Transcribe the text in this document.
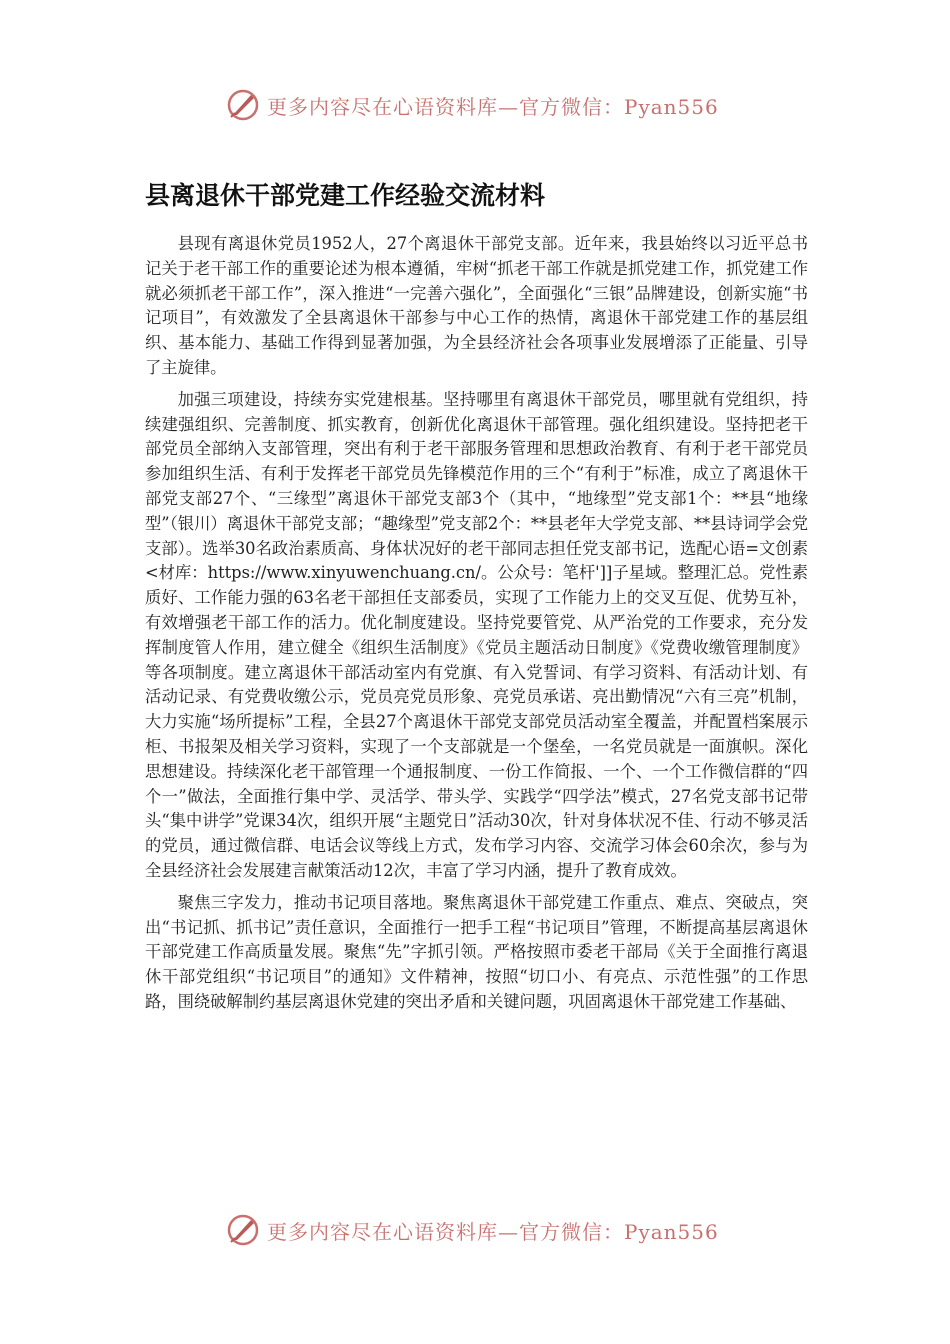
更多内容尽在心语资料库—官方微信：Pyan556
县离退休干部党建工作经验交流材料

县现有离退休党员1952人，27个离退休干部党支部。近年来，我县始终以习近平总书记关于老干部工作的重要论述为根本遵循，牢树“抓老干部工作就是抓党建工作，抓党建工作就必须抓老干部工作”，深入推进“一完善六强化”，全面强化“三银”品牌建设，创新实施“书记项目”，有效激发了全县离退休干部参与中心工作的热情，离退休干部党建工作的基层组织、基本能力、基础工作得到显著加强，为全县经济社会各项事业发展增添了正能量、引导了主旋律。

加强三项建设，持续夯实党建根基。坚持哪里有离退休干部党员，哪里就有党组织，持续建强组织、完善制度、抓实教育，创新优化离退休干部管理。强化组织建设。坚持把老干部党员全部纳入支部管理，突出有利于老干部服务管理和思想政治教育、有利于老干部党员参加组织生活、有利于发挥老干部党员先锋模范作用的三个“有利于”标准，成立了离退休干部党支部27个、“三缘型”离退休干部党支部3个（其中，“地缘型”党支部1个：**县“地缘型”（银川）离退休干部党支部；“趣缘型”党支部2个：**县老年大学党支部、**县诗词学会党支部）。选举30名政治素质高、身体状况好的老干部同志担任党支部书记，选配心语=文创素<材库：https://www.xinyuwenchuang.cn/。公众号：笔杆']]子星域。整理汇总。党性素质好、工作能力强的63名老干部担任支部委员，实现了工作能力上的交叉互促、优势互补，有效增强老干部工作的活力。优化制度建设。坚持党要管党、从严治党的工作要求，充分发挥制度管人作用，建立健全《组织生活制度》《党员主题活动日制度》《党费收缴管理制度》等各项制度。建立离退休干部活动室内有党旗、有入党誓词、有学习资料、有活动计划、有活动记录、有党费收缴公示，党员亮党员形象、亮党员承诺、亮出勤情况“六有三亮”机制，大力实施“场所提标”工程，全县27个离退休干部党支部党员活动室全覆盖，并配置档案展示柜、书报架及相关学习资料，实现了一个支部就是一个堡垒，一名党员就是一面旗帜。深化思想建设。持续深化老干部管理一个通报制度、一份工作简报、一个、一个工作微信群的“四个一”做法，全面推行集中学、灵活学、带头学、实践学“四学法”模式，27名党支部书记带头“集中讲学”党课34次，组织开展“主题党日”活动30次，针对身体状况不佳、行动不够灵活的党员，通过微信群、电话会议等线上方式，发布学习内容、交流学习体会60余次，参与为全县经济社会发展建言献策活动12次，丰富了学习内涵，提升了教育成效。

聚焦三字发力，推动书记项目落地。聚焦离退休干部党建工作重点、难点、突破点，突出“书记抓、抓书记”责任意识，全面推行一把手工程“书记项目”管理，不断提高基层离退休干部党建工作高质量发展。聚焦“先”字抓引领。严格按照市委老干部局《关于全面推行离退休干部党组织“书记项目”的通知》文件精神，按照“切口小、有亮点、示范性强”的工作思路，围绕破解制约基层离退休党建的突出矛盾和关键问题，巩固离退休干部党建工作基础、

更多内容尽在心语资料库—官方微信：Pyan556
